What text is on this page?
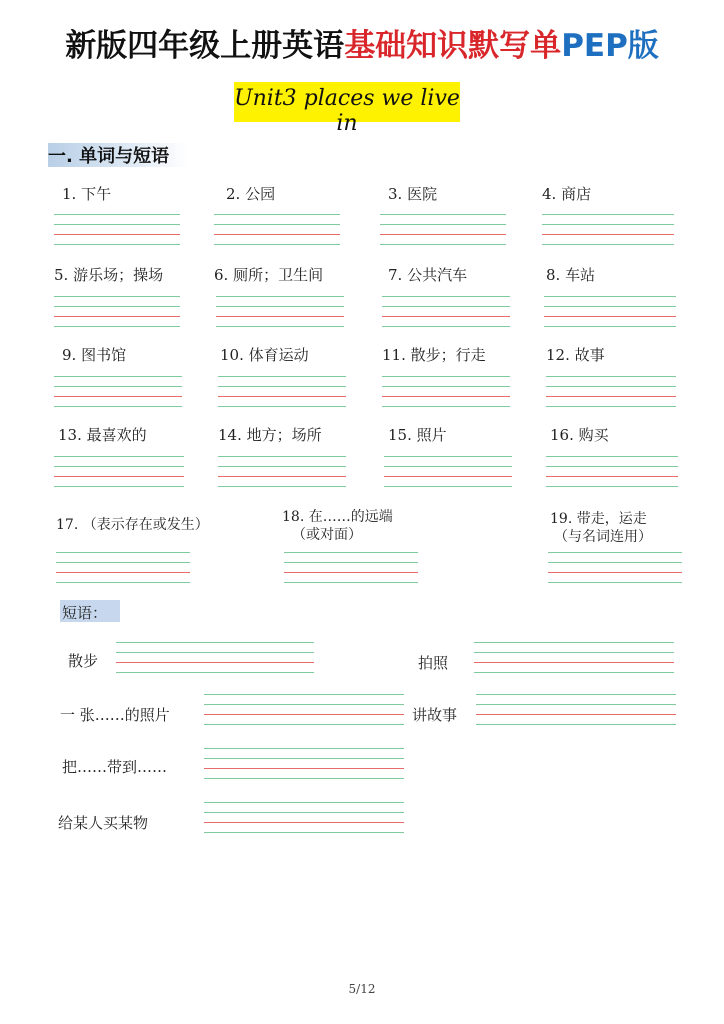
新版四年级上册英语基础知识默写单PEP版
Unit3 places we live in
一. 单词与短语
1. 下午	2. 公园	3. 医院	4. 商店
5. 游乐场；操场	6. 厕所；卫生间	7. 公共汽车	8. 车站
9. 图书馆	10. 体育运动	11. 散步；行走	12. 故事
13. 最喜欢的	14. 地方；场所	15. 照片	16. 购买
17. （表示存在或发生）	18. 在……的远端
（或对面）
19. 带走，运走
（与名词连用）
短语：
散步	拍照
一 张……的照片	讲故事
把……带到……
给某人买某物
5/12
